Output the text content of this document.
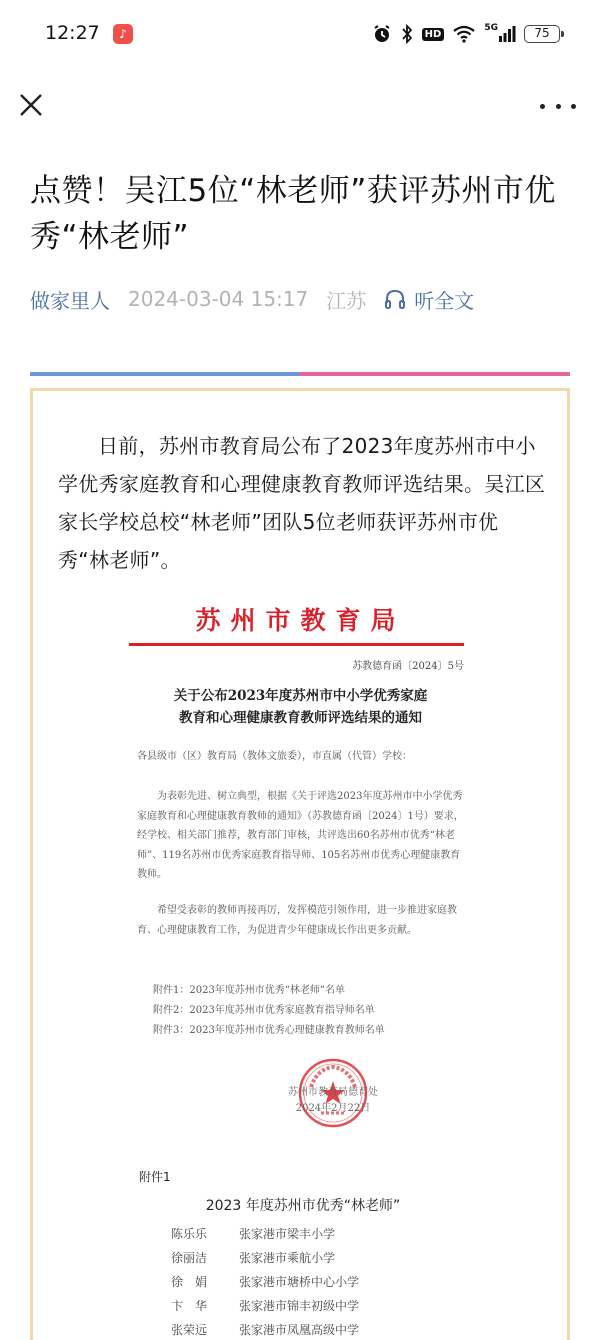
12:27	♪	HD
5G	75
点赞！吴江5位“林老师”获评苏州市优秀“林老师”
做家里人 2024-03-04 15:17 江苏 听全文

日前，苏州市教育局公布了2023年度苏州市中小学优秀家庭教育和心理健康教育教师评选结果。吴江区家长学校总校“林老师”团队5位老师获评苏州市优秀“林老师”。

苏州市教育局
苏教德育函〔2024〕5号
关于公布2023年度苏州市中小学优秀家庭
教育和心理健康教育教师评选结果的通知
各县级市（区）教育局（教体文旅委），市直属（代管）学校：
为表彰先进、树立典型，根据《关于评选2023年度苏州市中小学优秀家庭教育和心理健康教育教师的通知》（苏教德育函〔2024〕1号）要求，经学校、相关部门推荐，教育部门审核，共评选出60名苏州市优秀“林老师”、119名苏州市优秀家庭教育指导师、105名苏州市优秀心理健康教育教师。
希望受表彰的教师再接再厉，发挥模范引领作用，进一步推进家庭教育、心理健康教育工作，为促进青少年健康成长作出更多贡献。
附件1：2023年度苏州市优秀“林老师”名单
附件2：2023年度苏州市优秀家庭教育指导师名单
附件3：2023年度苏州市优秀心理健康教育教师名单
苏州市教育局德育处
2024年2月22日
附件1
2023 年度苏州市优秀“林老师”
陈乐乐	张家港市梁丰小学
徐丽洁	张家港市乘航小学
徐　娟	张家港市塘桥中心小学
卞　华	张家港市锦丰初级中学
张荣远	张家港市凤凰高级中学
